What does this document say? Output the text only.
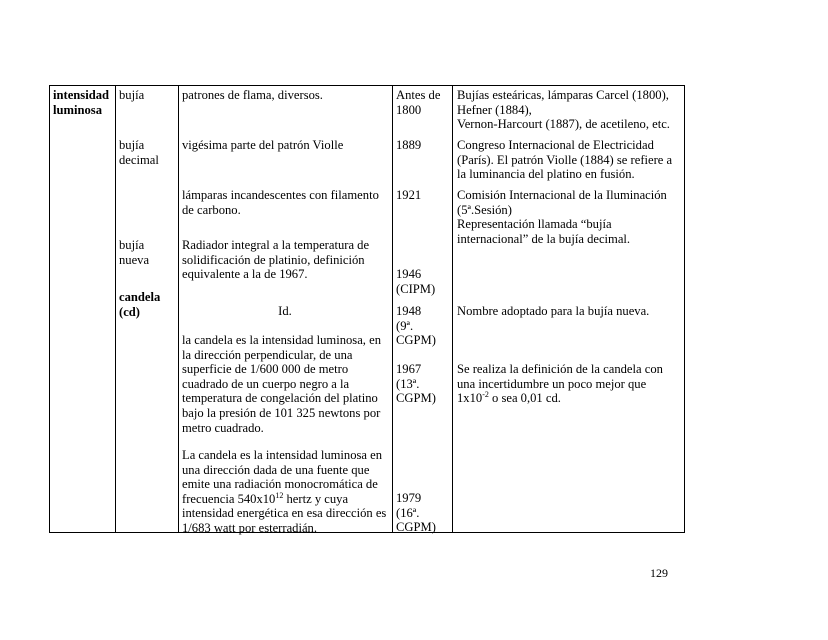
intensidad
luminosa
bujía
bujía
decimal
bujía
nueva
candela
(cd)
patrones de flama, diversos.
vigésima parte del patrón Violle
lámparas incandescentes con filamento
de carbono.
Radiador integral a la temperatura de
solidificación de platinio, definición
equivalente a la de 1967.
Id.
la candela es la intensidad luminosa, en
la dirección perpendicular, de una
superficie de 1/600 000 de metro
cuadrado de un cuerpo negro a la
temperatura de congelación del platino
bajo la presión de 101 325 newtons por
metro cuadrado.
La candela es la intensidad luminosa en
una dirección dada de una fuente que
emite una radiación monocromática de
frecuencia $540x10^{12}$ hertz y cuya
intensidad energética en esa dirección es
1/683 watt por esterradián.
Antes de
1800
1889
1921
1946
(CIPM)
1948
(9ª.
CGPM)
1967
(13ª.
CGPM)
1979
(16ª.
CGPM)
Bujías esteáricas, lámparas Carcel (1800),
Hefner (1884),
Vernon-Harcourt (1887), de acetileno, etc.
Congreso Internacional de Electricidad
(París). El patrón Violle (1884) se refiere a
la luminancia del platino en fusión.
Comisión Internacional de la Iluminación
(5ª.Sesión)
Representación llamada “bujía
internacional” de la bujía decimal.
Nombre adoptado para la bujía nueva.
Se realiza la definición de la candela con
una incertidumbre un poco mejor que
$1x10^{-2}$ o sea 0,01 cd.
129
